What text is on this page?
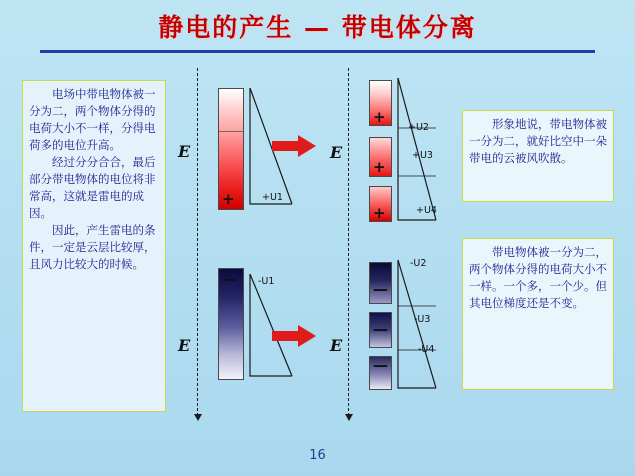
静电的产生 — 带电体分离

电场中带电物体被一分为二，两个物体分得的电荷大小不一样，分得电荷多的电位升高。

经过分分合合，最后部分带电物体的电位将非常高，这就是雷电的成因。

因此，产生雷电的条件，一定是云层比较厚，且风力比较大的时候。

形象地说，带电物体被一分为二，就好比空中一朵带电的云被风吹散。

带电物体被一分为二，两个物体分得的电荷大小不一样。一个多，一个少。但其电位梯度还是不变。

E
+	+U1
E
+
+
+
+U2
+U3
+U4
E
— -U1
E
—
—
—
-U2
-U3
-U4
16
